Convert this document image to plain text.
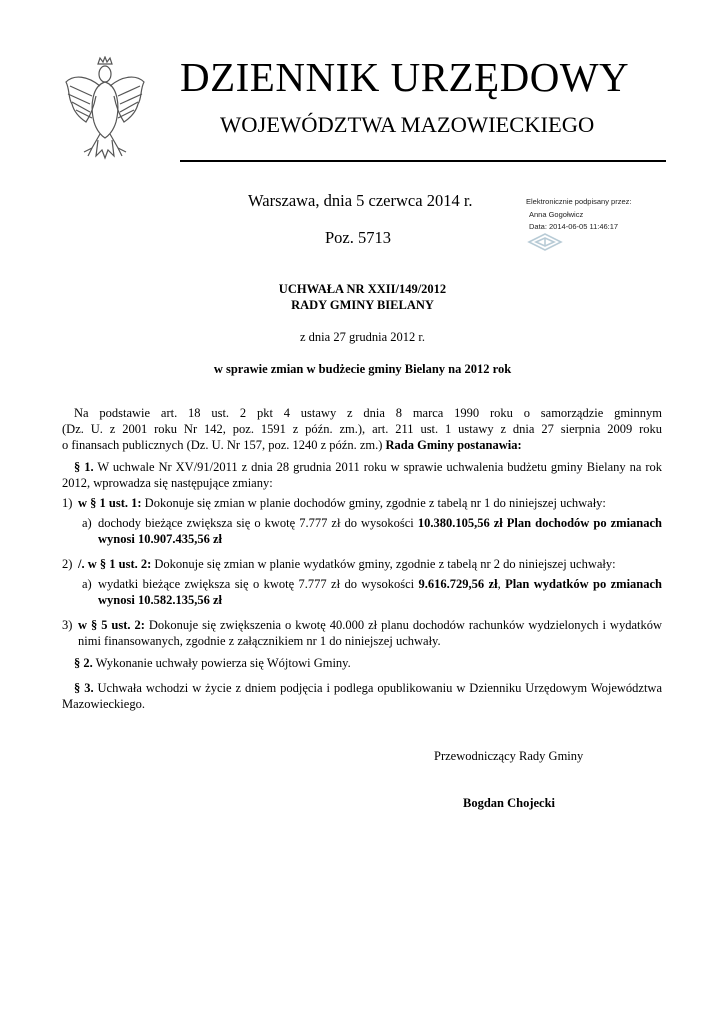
DZIENNIK URZĘDOWY
WOJEWÓDZTWA MAZOWIECKIEGO
Warszawa, dnia 5 czerwca 2014 r.
Poz. 5713
Elektronicznie podpisany przez:
Anna Gogołwicz
Data: 2014-06-05 11:46:17
UCHWAŁA NR XXII/149/2012
RADY GMINY BIELANY
z dnia 27 grudnia 2012 r.
w sprawie zmian w budżecie gminy Bielany na 2012 rok

Na podstawie art. 18 ust. 2 pkt 4 ustawy z dnia 8 marca 1990 roku o samorządzie gminnym

(Dz. U. z 2001 roku Nr 142, poz. 1591 z późn. zm.), art. 211 ust. 1 ustawy z dnia 27 sierpnia 2009 roku

o finansach publicznych (Dz. U. Nr 157, poz. 1240 z późn. zm.) Rada Gminy postanawia:

§ 1. W uchwale Nr XV/91/2011 z dnia 28 grudnia 2011 roku w sprawie uchwalenia budżetu gminy Bielany na rok 2012, wprowadza się następujące zmiany:

1) w § 1 ust. 1: Dokonuje się zmian w planie dochodów gminy, zgodnie z tabelą nr 1 do niniejszej uchwały:

a) dochody bieżące zwiększa się o kwotę 7.777 zł do wysokości 10.380.105,56 zł Plan dochodów po zmianach wynosi 10.907.435,56 zł

2) /. w § 1 ust. 2: Dokonuje się zmian w planie wydatków gminy, zgodnie z tabelą nr 2 do niniejszej uchwały:

a) wydatki bieżące zwiększa się o kwotę 7.777 zł do wysokości 9.616.729,56 zł, Plan wydatków po zmianach wynosi 10.582.135,56 zł

3) w § 5 ust. 2: Dokonuje się zwiększenia o kwotę 40.000 zł planu dochodów rachunków wydzielonych i wydatków nimi finansowanych, zgodnie z załącznikiem nr 1 do niniejszej uchwały.

§ 2. Wykonanie uchwały powierza się Wójtowi Gminy.

§ 3. Uchwała wchodzi w życie z dniem podjęcia i podlega opublikowaniu w Dzienniku Urzędowym Województwa Mazowieckiego.

Przewodniczący Rady Gminy
Bogdan Chojecki
